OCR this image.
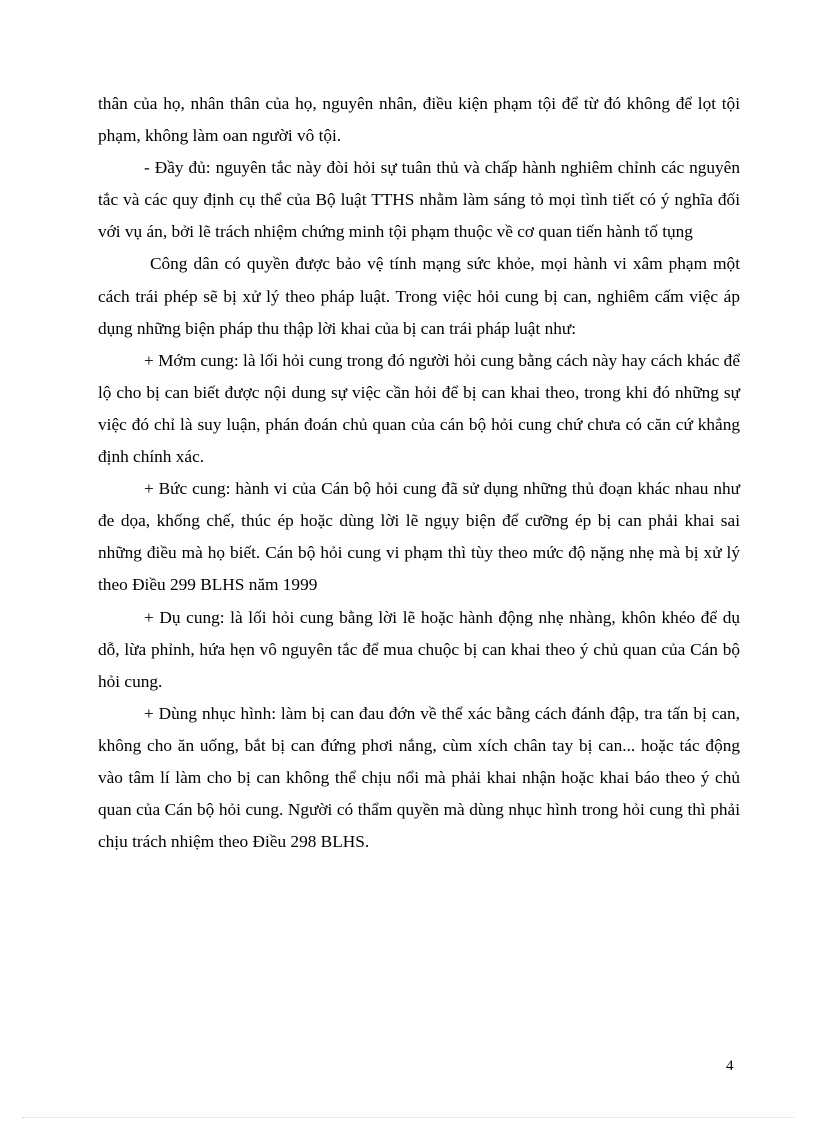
thân của họ, nhân thân của họ, nguyên nhân, điều kiện phạm tội để từ đó không để lọt tội phạm, không làm oan người vô tội.

- Đầy đủ: nguyên tắc này đòi hỏi sự tuân thủ và chấp hành nghiêm chỉnh các nguyên tắc và các quy định cụ thể của Bộ luật TTHS nhằm làm sáng tỏ mọi tình tiết có ý nghĩa đối với vụ án, bởi lẽ trách nhiệm chứng minh tội phạm thuộc về cơ quan tiến hành tố tụng

Công dân có quyền được bảo vệ tính mạng sức khỏe, mọi hành vi xâm phạm một cách trái phép sẽ bị xử lý theo pháp luật. Trong việc hỏi cung bị can, nghiêm cấm việc áp dụng những biện pháp thu thập lời khai của bị can trái pháp luật như:

+ Mớm cung: là lối hỏi cung trong đó người hỏi cung bằng cách này hay cách khác để lộ cho bị can biết được nội dung sự việc cần hỏi để bị can khai theo, trong khi đó những sự việc đó chỉ là suy luận, phán đoán chủ quan của cán bộ hỏi cung chứ chưa có căn cứ khẳng định chính xác.

+ Bức cung: hành vi của Cán bộ hỏi cung đã sử dụng những thủ đoạn khác nhau như đe dọa, khống chế, thúc ép hoặc dùng lời lẽ ngụy biện để cưỡng ép bị can phải khai sai những điều mà họ biết. Cán bộ hỏi cung vi phạm thì tùy theo mức độ nặng nhẹ mà bị xử lý theo Điều 299 BLHS năm 1999

+ Dụ cung: là lối hỏi cung bằng lời lẽ hoặc hành động nhẹ nhàng, khôn khéo để dụ dỗ, lừa phỉnh, hứa hẹn vô nguyên tắc để mua chuộc bị can khai theo ý chủ quan của Cán bộ hỏi cung.

+ Dùng nhục hình: làm bị can đau đớn về thể xác bằng cách đánh đập, tra tấn bị can, không cho ăn uống, bắt bị can đứng phơi nắng, cùm xích chân tay bị can... hoặc tác động vào tâm lí làm cho bị can không thể chịu nổi mà phải khai nhận hoặc khai báo theo ý chủ quan của Cán bộ hỏi cung. Người có thẩm quyền mà dùng nhục hình trong hỏi cung thì phải chịu trách nhiệm theo Điều 298 BLHS.

4
